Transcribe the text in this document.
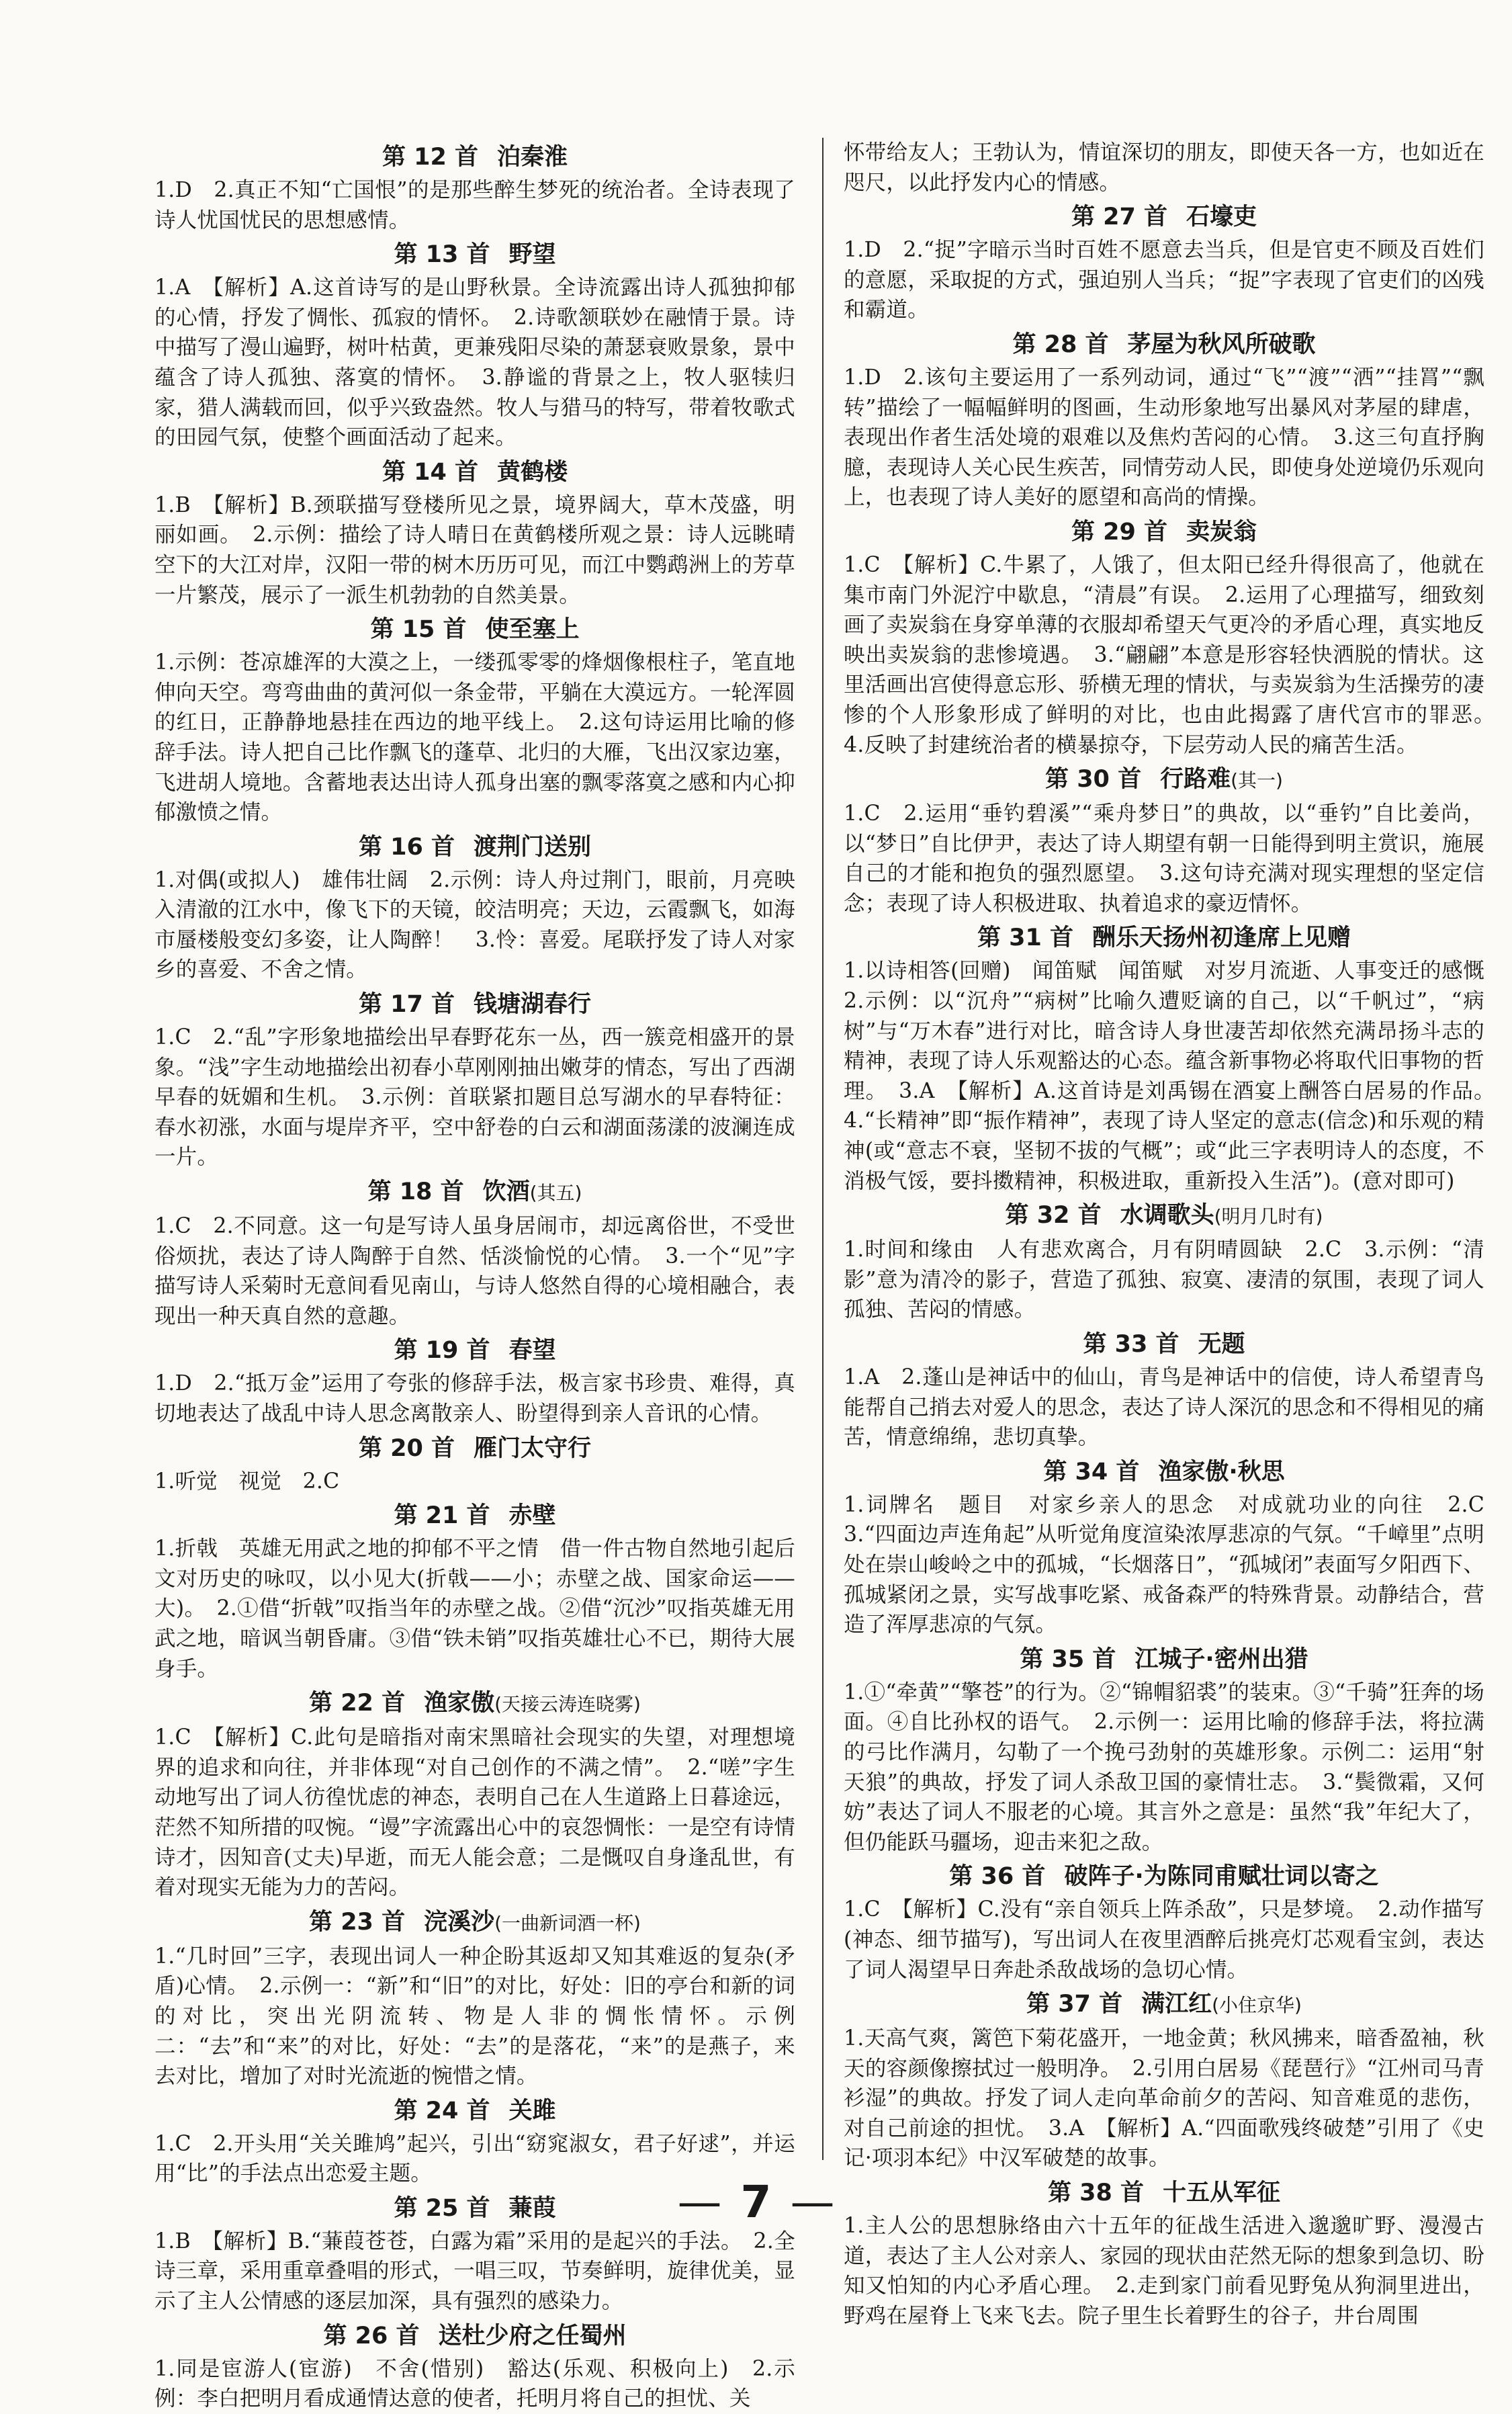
第 12 首 泊秦淮

1.D　2.真正不知“亡国恨”的是那些醉生梦死的统治者。全诗表现了诗人忧国忧民的思想感情。

第 13 首 野望

1.A　【解析】A.这首诗写的是山野秋景。全诗流露出诗人孤独抑郁的心情，抒发了惆怅、孤寂的情怀。　2.诗歌颔联妙在融情于景。诗中描写了漫山遍野，树叶枯黄，更兼残阳尽染的萧瑟衰败景象，景中蕴含了诗人孤独、落寞的情怀。　3.静谧的背景之上，牧人驱犊归家，猎人满载而回，似乎兴致盎然。牧人与猎马的特写，带着牧歌式的田园气氛，使整个画面活动了起来。

第 14 首 黄鹤楼

1.B　【解析】B.颈联描写登楼所见之景，境界阔大，草木茂盛，明丽如画。　2.示例：描绘了诗人晴日在黄鹤楼所观之景：诗人远眺晴空下的大江对岸，汉阳一带的树木历历可见，而江中鹦鹉洲上的芳草一片繁茂，展示了一派生机勃勃的自然美景。

第 15 首 使至塞上

1.示例：苍凉雄浑的大漠之上，一缕孤零零的烽烟像根柱子，笔直地伸向天空。弯弯曲曲的黄河似一条金带，平躺在大漠远方。一轮浑圆的红日，正静静地悬挂在西边的地平线上。　2.这句诗运用比喻的修辞手法。诗人把自己比作飘飞的蓬草、北归的大雁，飞出汉家边塞，飞进胡人境地。含蓄地表达出诗人孤身出塞的飘零落寞之感和内心抑郁激愤之情。

第 16 首 渡荆门送别

1.对偶(或拟人)　雄伟壮阔　2.示例：诗人舟过荆门，眼前，月亮映入清澈的江水中，像飞下的天镜，皎洁明亮；天边，云霞飘飞，如海市蜃楼般变幻多姿，让人陶醉！　3.怜：喜爱。尾联抒发了诗人对家乡的喜爱、不舍之情。

第 17 首 钱塘湖春行

1.C　2.“乱”字形象地描绘出早春野花东一丛，西一簇竞相盛开的景象。“浅”字生动地描绘出初春小草刚刚抽出嫩芽的情态，写出了西湖早春的妩媚和生机。　3.示例：首联紧扣题目总写湖水的早春特征：春水初涨，水面与堤岸齐平，空中舒卷的白云和湖面荡漾的波澜连成一片。

第 18 首 饮酒(其五)

1.C　2.不同意。这一句是写诗人虽身居闹市，却远离俗世，不受世俗烦扰，表达了诗人陶醉于自然、恬淡愉悦的心情。　3.一个“见”字描写诗人采菊时无意间看见南山，与诗人悠然自得的心境相融合，表现出一种天真自然的意趣。

第 19 首 春望

1.D　2.“抵万金”运用了夸张的修辞手法，极言家书珍贵、难得，真切地表达了战乱中诗人思念离散亲人、盼望得到亲人音讯的心情。

第 20 首 雁门太守行

1.听觉　视觉　2.C

第 21 首 赤壁

1.折戟　英雄无用武之地的抑郁不平之情　借一件古物自然地引起后文对历史的咏叹，以小见大(折戟——小；赤壁之战、国家命运——大)。　2.①借“折戟”叹指当年的赤壁之战。②借“沉沙”叹指英雄无用武之地，暗讽当朝昏庸。③借“铁未销”叹指英雄壮心不已，期待大展身手。

第 22 首 渔家傲(天接云涛连晓雾)

1.C　【解析】C.此句是暗指对南宋黑暗社会现实的失望，对理想境界的追求和向往，并非体现“对自己创作的不满之情”。　2.“嗟”字生动地写出了词人彷徨忧虑的神态，表明自己在人生道路上日暮途远，茫然不知所措的叹惋。“谩”字流露出心中的哀怨惆怅：一是空有诗情诗才，因知音(丈夫)早逝，而无人能会意；二是慨叹自身逢乱世，有着对现实无能为力的苦闷。

第 23 首 浣溪沙(一曲新词酒一杯)

1.“几时回”三字，表现出词人一种企盼其返却又知其难返的复杂(矛盾)心情。　2.示例一：“新”和“旧”的对比，好处：旧的亭台和新的词的对比，突出光阴流转、物是人非的惆怅情怀。示例二：“去”和“来”的对比，好处：“去”的是落花，“来”的是燕子，来去对比，增加了对时光流逝的惋惜之情。

第 24 首 关雎

1.C　2.开头用“关关雎鸠”起兴，引出“窈窕淑女，君子好逑”，并运用“比”的手法点出恋爱主题。

第 25 首 蒹葭

1.B　【解析】B.“蒹葭苍苍，白露为霜”采用的是起兴的手法。　2.全诗三章，采用重章叠唱的形式，一唱三叹，节奏鲜明，旋律优美，显示了主人公情感的逐层加深，具有强烈的感染力。

第 26 首 送杜少府之任蜀州

1.同是宦游人(宦游)　不舍(惜别)　豁达(乐观、积极向上)　2.示例：李白把明月看成通情达意的使者，托明月将自己的担忧、关

怀带给友人；王勃认为，情谊深切的朋友，即使天各一方，也如近在咫尺，以此抒发内心的情感。

第 27 首 石壕吏

1.D　2.“捉”字暗示当时百姓不愿意去当兵，但是官吏不顾及百姓们的意愿，采取捉的方式，强迫别人当兵；“捉”字表现了官吏们的凶残和霸道。

第 28 首 茅屋为秋风所破歌

1.D　2.该句主要运用了一系列动词，通过“飞”“渡”“洒”“挂罥”“飘转”描绘了一幅幅鲜明的图画，生动形象地写出暴风对茅屋的肆虐，表现出作者生活处境的艰难以及焦灼苦闷的心情。　3.这三句直抒胸臆，表现诗人关心民生疾苦，同情劳动人民，即使身处逆境仍乐观向上，也表现了诗人美好的愿望和高尚的情操。

第 29 首 卖炭翁

1.C　【解析】C.牛累了，人饿了，但太阳已经升得很高了，他就在集市南门外泥泞中歇息，“清晨”有误。　2.运用了心理描写，细致刻画了卖炭翁在身穿单薄的衣服却希望天气更冷的矛盾心理，真实地反映出卖炭翁的悲惨境遇。　3.“翩翩”本意是形容轻快洒脱的情状。这里活画出宫使得意忘形、骄横无理的情状，与卖炭翁为生活操劳的凄惨的个人形象形成了鲜明的对比，也由此揭露了唐代宫市的罪恶。　4.反映了封建统治者的横暴掠夺，下层劳动人民的痛苦生活。

第 30 首 行路难(其一)

1.C　2.运用“垂钓碧溪”“乘舟梦日”的典故，以“垂钓”自比姜尚，以“梦日”自比伊尹，表达了诗人期望有朝一日能得到明主赏识，施展自己的才能和抱负的强烈愿望。　3.这句诗充满对现实理想的坚定信念；表现了诗人积极进取、执着追求的豪迈情怀。

第 31 首 酬乐天扬州初逢席上见赠

1.以诗相答(回赠)　闻笛赋　闻笛赋　对岁月流逝、人事变迁的感慨　2.示例：以“沉舟”“病树”比喻久遭贬谪的自己，以“千帆过”，“病树”与“万木春”进行对比，暗含诗人身世凄苦却依然充满昂扬斗志的精神，表现了诗人乐观豁达的心态。蕴含新事物必将取代旧事物的哲理。　3.A　【解析】A.这首诗是刘禹锡在酒宴上酬答白居易的作品。　4.“长精神”即“振作精神”，表现了诗人坚定的意志(信念)和乐观的精神(或“意志不衰，坚韧不拔的气概”；或“此三字表明诗人的态度，不消极气馁，要抖擞精神，积极进取，重新投入生活”)。(意对即可)

第 32 首 水调歌头(明月几时有)

1.时间和缘由　人有悲欢离合，月有阴晴圆缺　2.C　3.示例：“清影”意为清冷的影子，营造了孤独、寂寞、凄清的氛围，表现了词人孤独、苦闷的情感。

第 33 首 无题

1.A　2.蓬山是神话中的仙山，青鸟是神话中的信使，诗人希望青鸟能帮自己捎去对爱人的思念，表达了诗人深沉的思念和不得相见的痛苦，情意绵绵，悲切真挚。

第 34 首 渔家傲·秋思

1.词牌名　题目　对家乡亲人的思念　对成就功业的向往　2.C　3.“四面边声连角起”从听觉角度渲染浓厚悲凉的气氛。“千嶂里”点明处在崇山峻岭之中的孤城，“长烟落日”，“孤城闭”表面写夕阳西下、孤城紧闭之景，实写战事吃紧、戒备森严的特殊背景。动静结合，营造了浑厚悲凉的气氛。

第 35 首 江城子·密州出猎

1.①“牵黄”“擎苍”的行为。②“锦帽貂裘”的装束。③“千骑”狂奔的场面。④自比孙权的语气。　2.示例一：运用比喻的修辞手法，将拉满的弓比作满月，勾勒了一个挽弓劲射的英雄形象。示例二：运用“射天狼”的典故，抒发了词人杀敌卫国的豪情壮志。　3.“鬓微霜，又何妨”表达了词人不服老的心境。其言外之意是：虽然“我”年纪大了，但仍能跃马疆场，迎击来犯之敌。

第 36 首 破阵子·为陈同甫赋壮词以寄之

1.C　【解析】C.没有“亲自领兵上阵杀敌”，只是梦境。　2.动作描写(神态、细节描写)，写出词人在夜里酒醉后挑亮灯芯观看宝剑，表达了词人渴望早日奔赴杀敌战场的急切心情。

第 37 首 满江红(小住京华)

1.天高气爽，篱笆下菊花盛开，一地金黄；秋风拂来，暗香盈袖，秋天的容颜像擦拭过一般明净。　2.引用白居易《琵琶行》“江州司马青衫湿”的典故。抒发了词人走向革命前夕的苦闷、知音难觅的悲伤，对自己前途的担忧。　3.A　【解析】A.“四面歌残终破楚”引用了《史记·项羽本纪》中汉军破楚的故事。

第 38 首 十五从军征

1.主人公的思想脉络由六十五年的征战生活进入邈邈旷野、漫漫古道，表达了主人公对亲人、家园的现状由茫然无际的想象到急切、盼知又怕知的内心矛盾心理。　2.走到家门前看见野兔从狗洞里进出，野鸡在屋脊上飞来飞去。院子里生长着野生的谷子，井台周围

— 7 —
